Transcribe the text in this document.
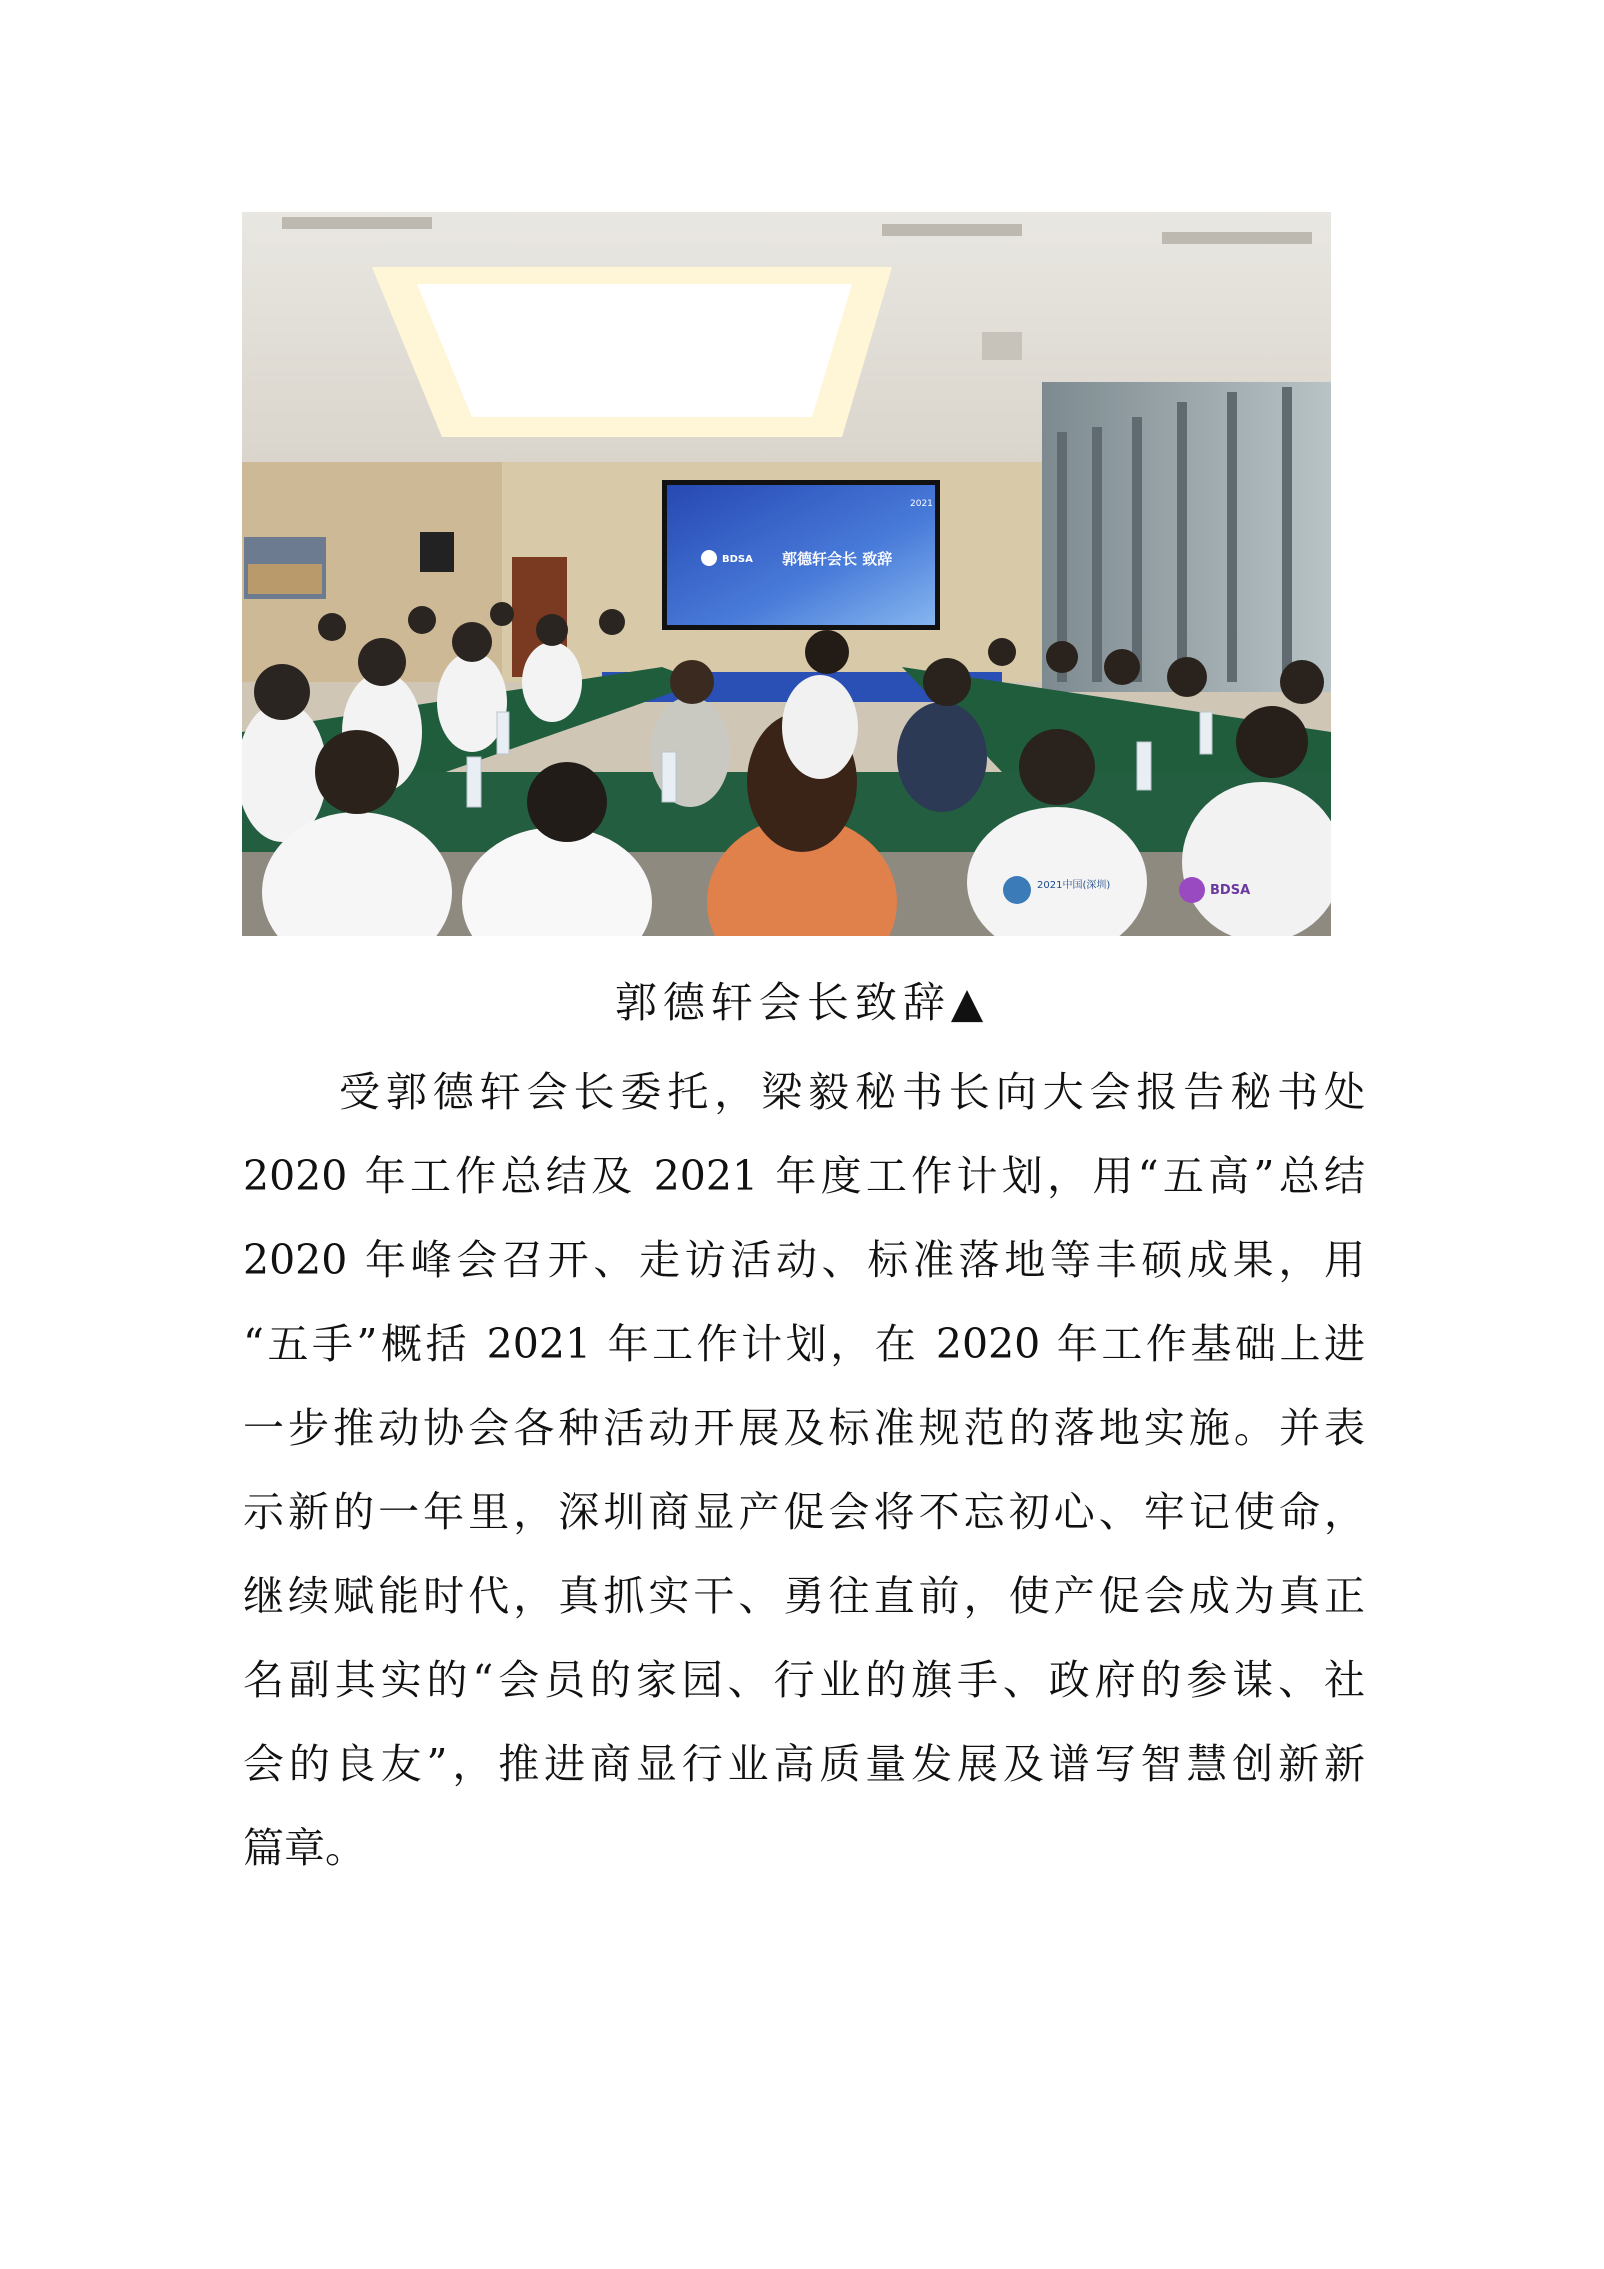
2021
BDSA 郭德轩会长 致辞
2021中国(深圳)	BDSA
郭德轩会长致辞▲

受郭德轩会长委托，梁毅秘书长向大会报告秘书处
2020 年工作总结及 2021 年度工作计划，用“五高”总结
2020 年峰会召开、走访活动、标准落地等丰硕成果，用
“五手”概括 2021 年工作计划，在 2020 年工作基础上进
一步推动协会各种活动开展及标准规范的落地实施。并表
示新的一年里，深圳商显产促会将不忘初心、牢记使命，
继续赋能时代，真抓实干、勇往直前，使产促会成为真正
名副其实的“会员的家园、行业的旗手、政府的参谋、社
会的良友”，推进商显行业高质量发展及谱写智慧创新新
篇章。
